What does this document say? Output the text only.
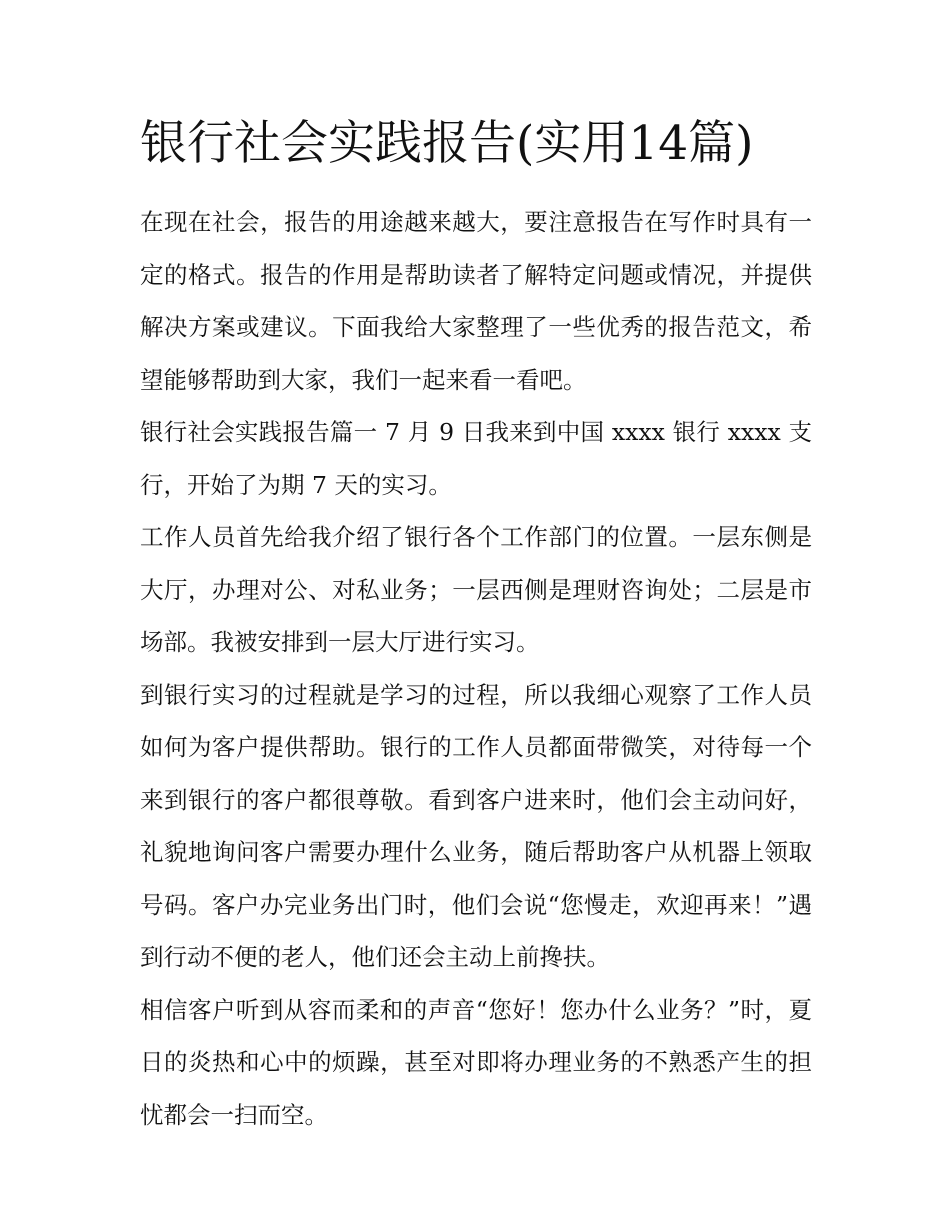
银行社会实践报告(实用14篇)

在现在社会，报告的用途越来越大，要注意报告在写作时具有一定的格式。报告的作用是帮助读者了解特定问题或情况，并提供解决方案或建议。下面我给大家整理了一些优秀的报告范文，希望能够帮助到大家，我们一起来看一看吧。

银行社会实践报告篇一 7 月 9 日我来到中国 xxxx 银行 xxxx 支行，开始了为期 7 天的实习。

工作人员首先给我介绍了银行各个工作部门的位置。一层东侧是大厅，办理对公、对私业务；一层西侧是理财咨询处；二层是市场部。我被安排到一层大厅进行实习。

到银行实习的过程就是学习的过程，所以我细心观察了工作人员如何为客户提供帮助。银行的工作人员都面带微笑，对待每一个来到银行的客户都很尊敬。看到客户进来时，他们会主动问好，礼貌地询问客户需要办理什么业务，随后帮助客户从机器上领取号码。客户办完业务出门时，他们会说“您慢走，欢迎再来！”遇到行动不便的老人，他们还会主动上前搀扶。

相信客户听到从容而柔和的声音“您好！您办什么业务？”时，夏日的炎热和心中的烦躁，甚至对即将办理业务的不熟悉产生的担忧都会一扫而空。
